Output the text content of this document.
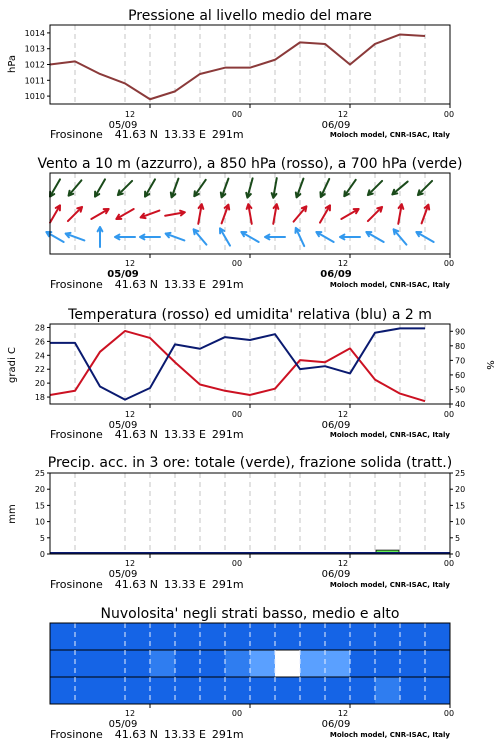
Pressione al livello medio del mare
hPa
1014
1013
1012
1011
1010
12	00	12	00
05/09	06/09
Frosinone 41.63 N 13.33 E 291m	Moloch model, CNR-ISAC, Italy
Vento a 10 m (azzurro), a 850 hPa (rosso), a 700 hPa (verde)
12	00	12	00
05/09	06/09
Frosinone 41.63 N 13.33 E 291m	Moloch model, CNR-ISAC, Italy
Temperatura (rosso) ed umidita' relativa (blu) a 2 m
gradi C	%
28
26
24
22
20
18
90
80
70
60
50
40
12	00	12	00
05/09	06/09
Frosinone 41.63 N 13.33 E 291m	Moloch model, CNR-ISAC, Italy
Precip. acc. in 3 ore: totale (verde), frazione solida (tratt.)
mm
25
20
15
10
5
0
25
20
15
10
5
0
12	00	12	00
05/09	06/09
Frosinone 41.63 N 13.33 E 291m	Moloch model, CNR-ISAC, Italy
Nuvolosita' negli strati basso, medio e alto
12	00	12	00
05/09	06/09
Frosinone 41.63 N 13.33 E 291m	Moloch model, CNR-ISAC, Italy
